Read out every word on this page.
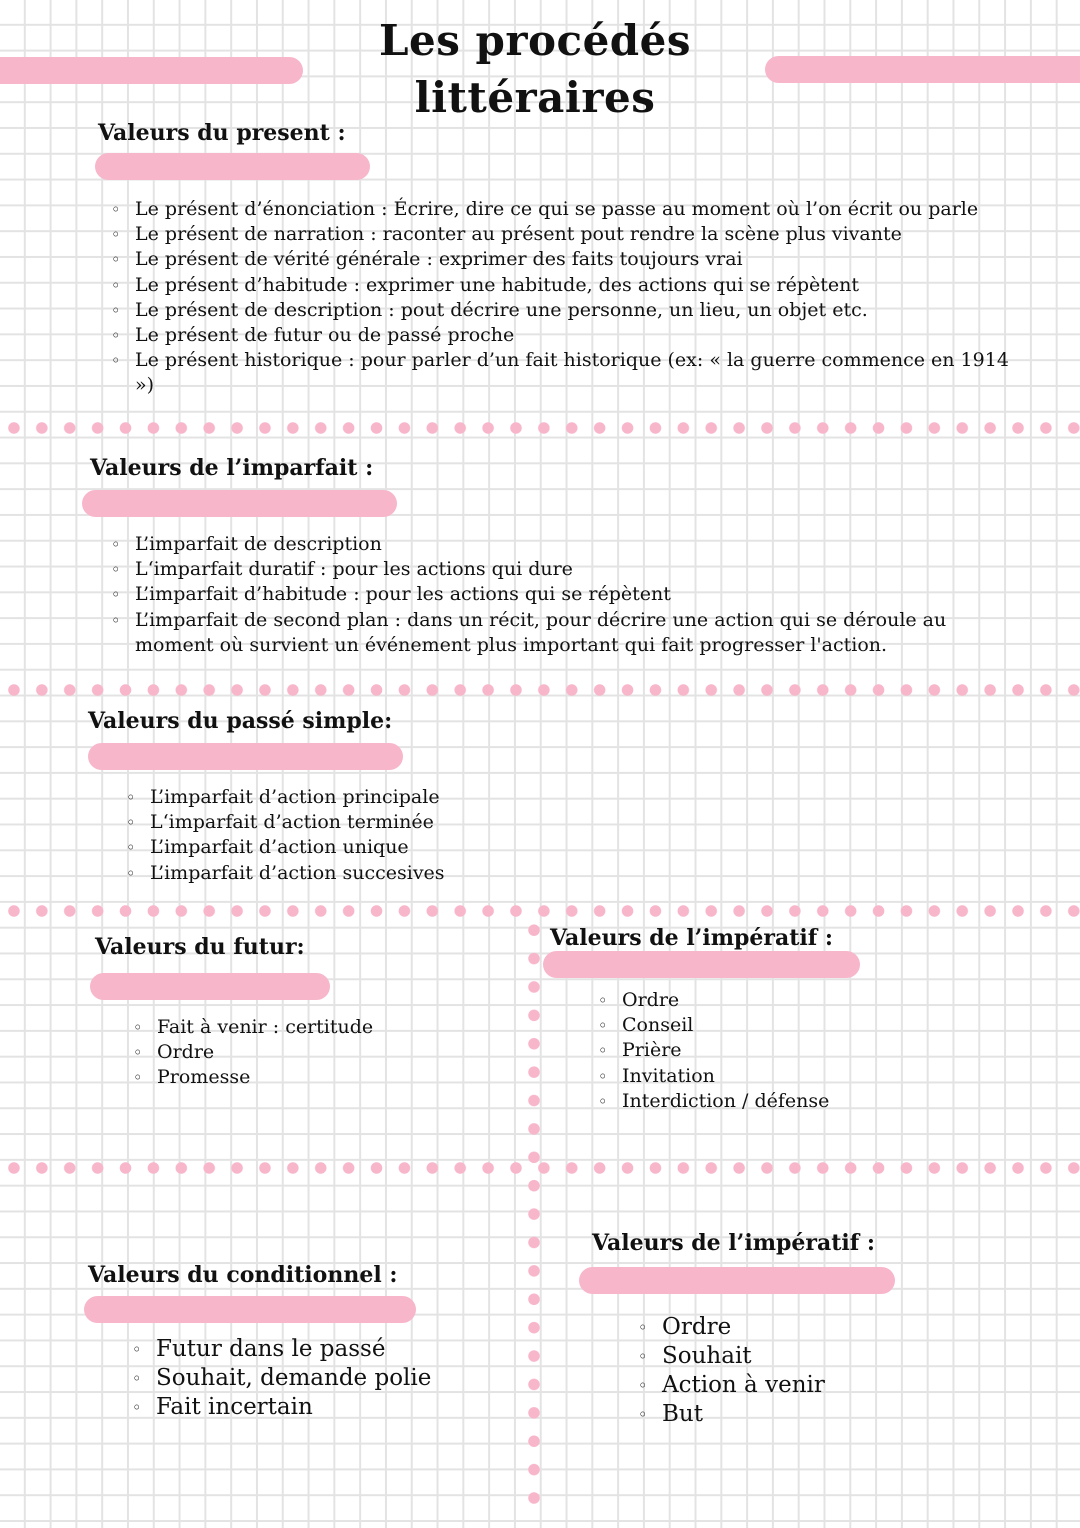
Les procédés
littéraires
Valeurs du present :
◦ Le présent d’énonciation : Écrire, dire ce qui se passe au moment où l’on écrit ou parle
◦ Le présent de narration : raconter au présent pout rendre la scène plus vivante
◦ Le présent de vérité générale : exprimer des faits toujours vrai
◦ Le présent d’habitude : exprimer une habitude, des actions qui se répètent
◦ Le présent de description : pout décrire une personne, un lieu, un objet etc.
◦ Le présent de futur ou de passé proche
◦ Le présent historique : pour parler d’un fait historique (ex: « la guerre commence en 1914 »)
Valeurs de l’imparfait :
◦ L’imparfait de description
◦ L‘imparfait duratif : pour les actions qui dure
◦ L’imparfait d’habitude : pour les actions qui se répètent
◦ L’imparfait de second plan : dans un récit, pour décrire une action qui se déroule au moment où survient un événement plus important qui fait progresser l'action.
Valeurs du passé simple:
◦ L’imparfait d’action principale
◦ L‘imparfait d’action terminée
◦ L’imparfait d’action unique
◦ L’imparfait d’action succesives
Valeurs du futur:
◦ Fait à venir : certitude
◦ Ordre
◦ Promesse
Valeurs de l’impératif :
◦ Ordre
◦ Conseil
◦ Prière
◦ Invitation
◦ Interdiction / défense
Valeurs du conditionnel :
◦ Futur dans le passé
◦ Souhait, demande polie
◦ Fait incertain
Valeurs de l’impératif :
◦ Ordre
◦ Souhait
◦ Action à venir
◦ But
